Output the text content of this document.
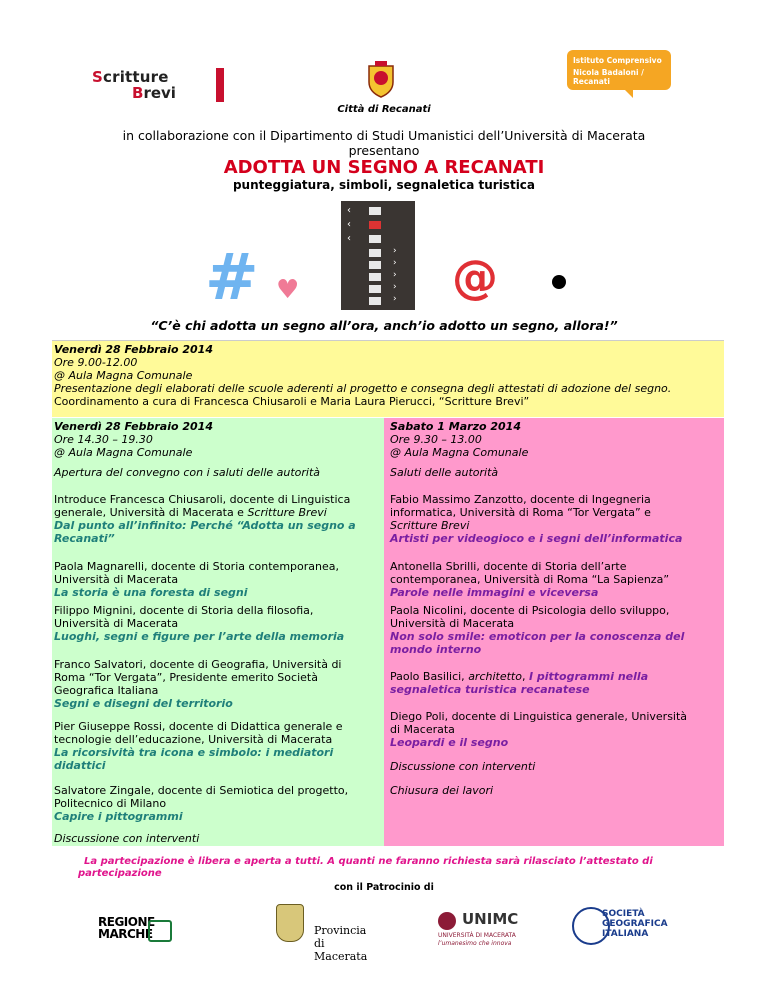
Scritture
Brevi
Città di Recanati
Istituto Comprensivo
Nicola Badaloni / Recanati
in collaborazione con il Dipartimento di Studi Umanistici dell’Università di Macerata
presentano
ADOTTA UN SEGNO A RECANATI
punteggiatura, simboli, segnaletica turistica
# ♥
‹
‹
‹
›
›
›
›
› @
“C’è chi adotta un segno all’ora, anch’io adotto un segno, allora!”
Venerdì 28 Febbraio 2014
Ore 9.00-12.00
@ Aula Magna Comunale
Presentazione degli elaborati delle scuole aderenti al progetto e consegna degli attestati di adozione del segno.
Coordinamento a cura di Francesca Chiusaroli e Maria Laura Pierucci, “Scritture Brevi”
Venerdì 28 Febbraio 2014
Ore 14.30 – 19.30
@ Aula Magna Comunale
Apertura del convegno con i saluti delle autorità
Introduce Francesca Chiusaroli, docente di Linguistica
generale, Università di Macerata e Scritture Brevi
Dal punto all’infinito: Perché “Adotta un segno a
Recanati”
Paola Magnarelli, docente di Storia contemporanea,
Università di Macerata
La storia è una foresta di segni
Filippo Mignini, docente di Storia della filosofia,
Università di Macerata
Luoghi, segni e figure per l’arte della memoria
Franco Salvatori, docente di Geografia, Università di
Roma “Tor Vergata”, Presidente emerito Società
Geografica Italiana
Segni e disegni del territorio
Pier Giuseppe Rossi, docente di Didattica generale e
tecnologie dell’educazione, Università di Macerata
La ricorsività tra icona e simbolo: i mediatori
didattici
Salvatore Zingale, docente di Semiotica del progetto,
Politecnico di Milano
Capire i pittogrammi
Discussione con interventi
Sabato 1 Marzo 2014
Ore 9.30 – 13.00
@ Aula Magna Comunale
Saluti delle autorità
Fabio Massimo Zanzotto, docente di Ingegneria
informatica, Università di Roma “Tor Vergata” e
Scritture Brevi
Artisti per videogioco e i segni dell’informatica
Antonella Sbrilli, docente di Storia dell’arte
contemporanea, Università di Roma “La Sapienza”
Parole nelle immagini e viceversa
Paola Nicolini, docente di Psicologia dello sviluppo,
Università di Macerata
Non solo smile: emoticon per la conoscenza del
mondo interno
Paolo Basilici, architetto, I pittogrammi nella
segnaletica turistica recanatese
Diego Poli, docente di Linguistica generale, Università
di Macerata
Leopardi e il segno
Discussione con interventi
Chiusura dei lavori
La partecipazione è libera e aperta a tutti. A quanti ne faranno richiesta sarà rilasciato l’attestato di
partecipazione
con il Patrocinio di
REGIONE
MARCHE	Provincia
di Macerata
UNIMC
UNIVERSITÀ DI MACERATA
l’umanesimo che innova
SOCIETÀ
GEOGRAFICA
ITALIANA
